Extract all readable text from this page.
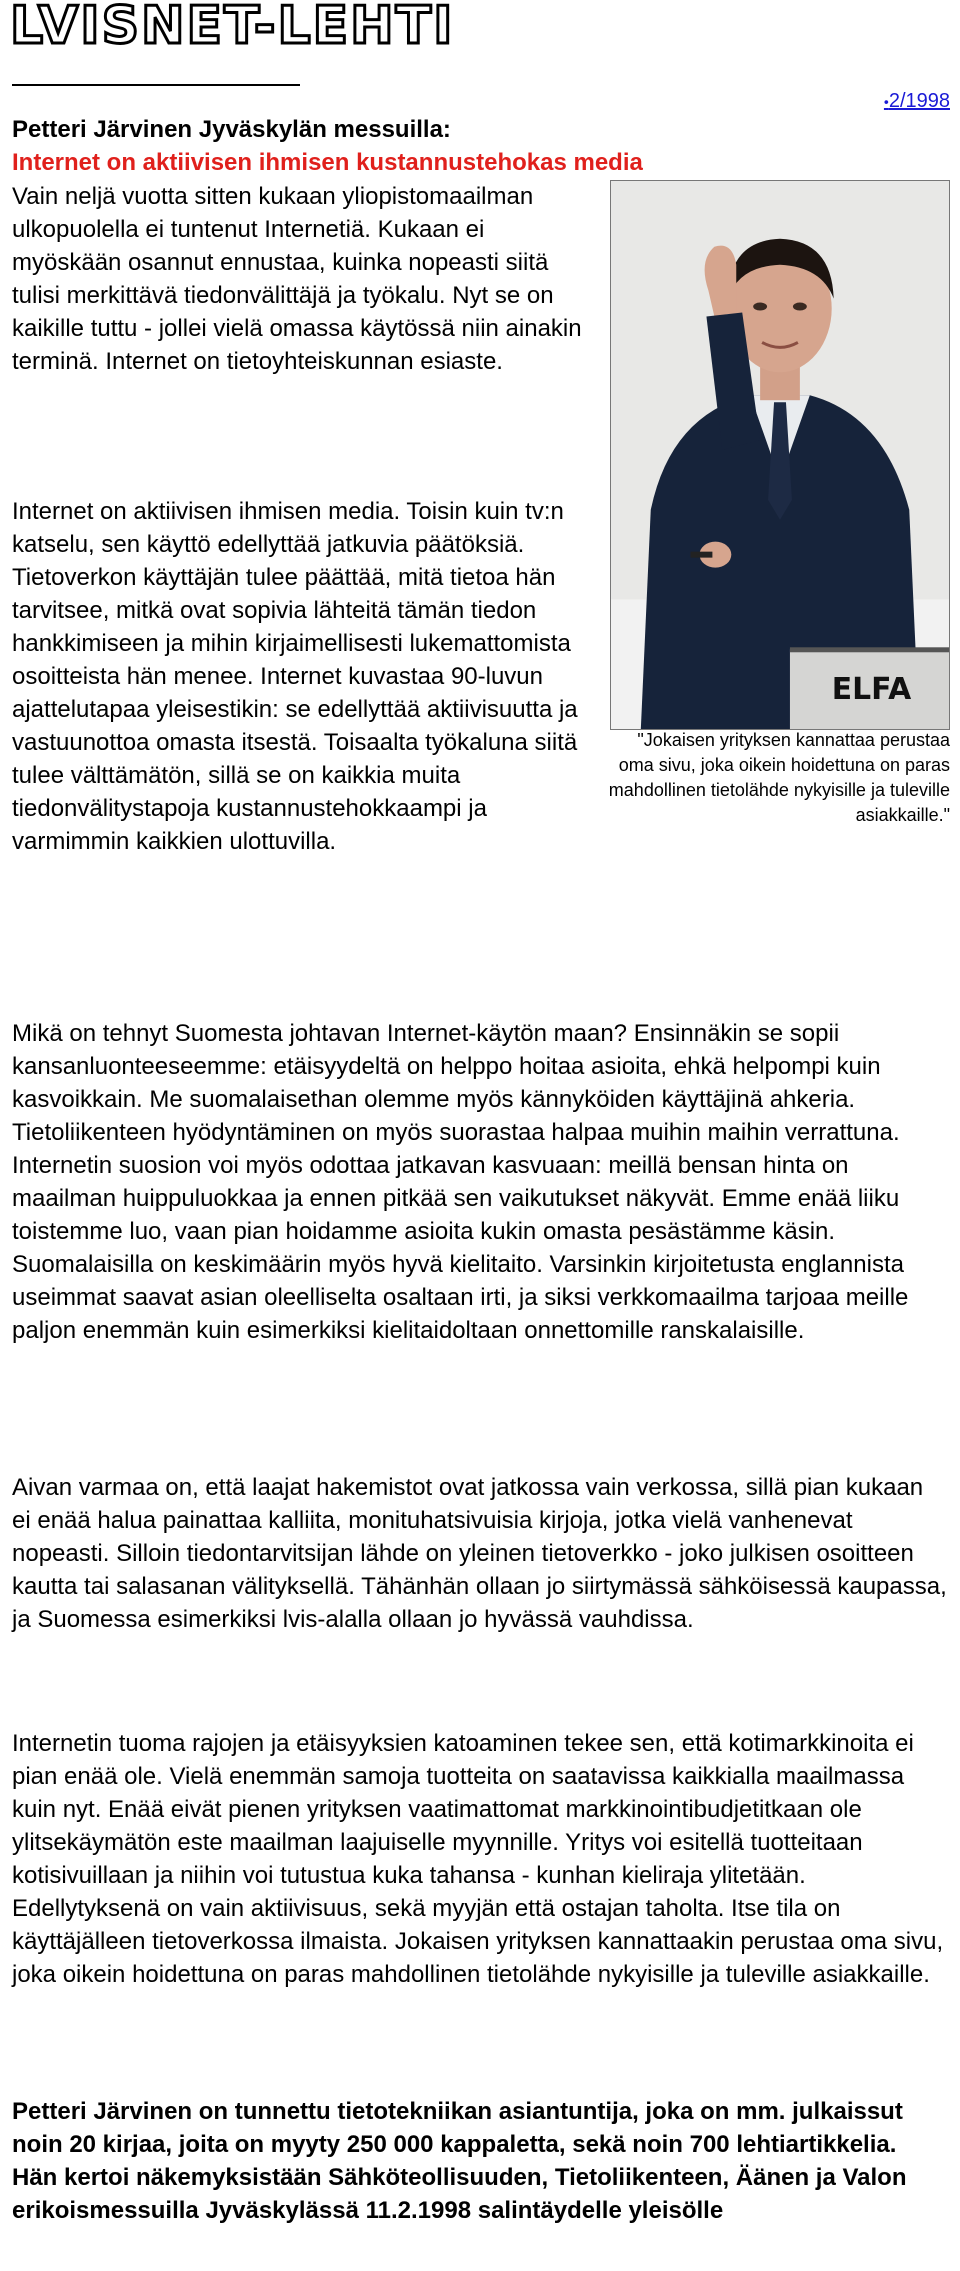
LVISNET-LEHTI
•2/1998
Petteri Järvinen Jyväskylän messuilla:
Internet on aktiivisen ihmisen kustannustehokas media
Vain neljä vuotta sitten kukaan yliopistomaailman ulkopuolella ei tuntenut Internetiä. Kukaan ei myöskään osannut ennustaa, kuinka nopeasti siitä tulisi merkittävä tiedonvälittäjä ja työkalu. Nyt se on kaikille tuttu - jollei vielä omassa käytössä niin ainakin terminä. Internet on tietoyhteiskunnan esiaste.
ELFA
"Jokaisen yrityksen kannattaa perustaa oma sivu, joka oikein hoidettuna on paras mahdollinen tietolähde nykyisille ja tuleville asiakkaille."
Internet on aktiivisen ihmisen media. Toisin kuin tv:n katselu, sen käyttö edellyttää jatkuvia päätöksiä. Tietoverkon käyttäjän tulee päättää, mitä tietoa hän tarvitsee, mitkä ovat sopivia lähteitä tämän tiedon hankkimiseen ja mihin kirjaimellisesti lukemattomista osoitteista hän menee. Internet kuvastaa 90-luvun ajattelutapaa yleisestikin: se edellyttää aktiivisuutta ja vastuunottoa omasta itsestä. Toisaalta työkaluna siitä tulee välttämätön, sillä se on kaikkia muita tiedonvälitystapoja kustannustehokkaampi ja varmimmin kaikkien ulottuvilla.
Mikä on tehnyt Suomesta johtavan Internet-käytön maan? Ensinnäkin se sopii kansanluonteeseemme: etäisyydeltä on helppo hoitaa asioita, ehkä helpompi kuin kasvoikkain. Me suomalaisethan olemme myös kännyköiden käyttäjinä ahkeria. Tietoliikenteen hyödyntäminen on myös suorastaa halpaa muihin maihin verrattuna. Internetin suosion voi myös odottaa jatkavan kasvuaan: meillä bensan hinta on maailman huippuluokkaa ja ennen pitkää sen vaikutukset näkyvät. Emme enää liiku toistemme luo, vaan pian hoidamme asioita kukin omasta pesästämme käsin. Suomalaisilla on keskimäärin myös hyvä kielitaito. Varsinkin kirjoitetusta englannista useimmat saavat asian oleelliselta osaltaan irti, ja siksi verkkomaailma tarjoaa meille paljon enemmän kuin esimerkiksi kielitaidoltaan onnettomille ranskalaisille.
Aivan varmaa on, että laajat hakemistot ovat jatkossa vain verkossa, sillä pian kukaan ei enää halua painattaa kalliita, monituhatsivuisia kirjoja, jotka vielä vanhenevat nopeasti. Silloin tiedontarvitsijan lähde on yleinen tietoverkko - joko julkisen osoitteen kautta tai salasanan välityksellä. Tähänhän ollaan jo siirtymässä sähköisessä kaupassa, ja Suomessa esimerkiksi lvis-alalla ollaan jo hyvässä vauhdissa.
Internetin tuoma rajojen ja etäisyyksien katoaminen tekee sen, että kotimarkkinoita ei pian enää ole. Vielä enemmän samoja tuotteita on saatavissa kaikkialla maailmassa kuin nyt. Enää eivät pienen yrityksen vaatimattomat markkinointibudjetitkaan ole ylitsekäymätön este maailman laajuiselle myynnille. Yritys voi esitellä tuotteitaan kotisivuillaan ja niihin voi tutustua kuka tahansa - kunhan kieliraja ylitetään. Edellytyksenä on vain aktiivisuus, sekä myyjän että ostajan taholta. Itse tila on käyttäjälleen tietoverkossa ilmaista. Jokaisen yrityksen kannattaakin perustaa oma sivu, joka oikein hoidettuna on paras mahdollinen tietolähde nykyisille ja tuleville asiakkaille.
Petteri Järvinen on tunnettu tietotekniikan asiantuntija, joka on mm. julkaissut noin 20 kirjaa, joita on myyty 250 000 kappaletta, sekä noin 700 lehtiartikkelia. Hän kertoi näkemyksistään Sähköteollisuuden, Tietoliikenteen, Äänen ja Valon erikoismessuilla Jyväskylässä 11.2.1998 salintäydelle yleisölle
